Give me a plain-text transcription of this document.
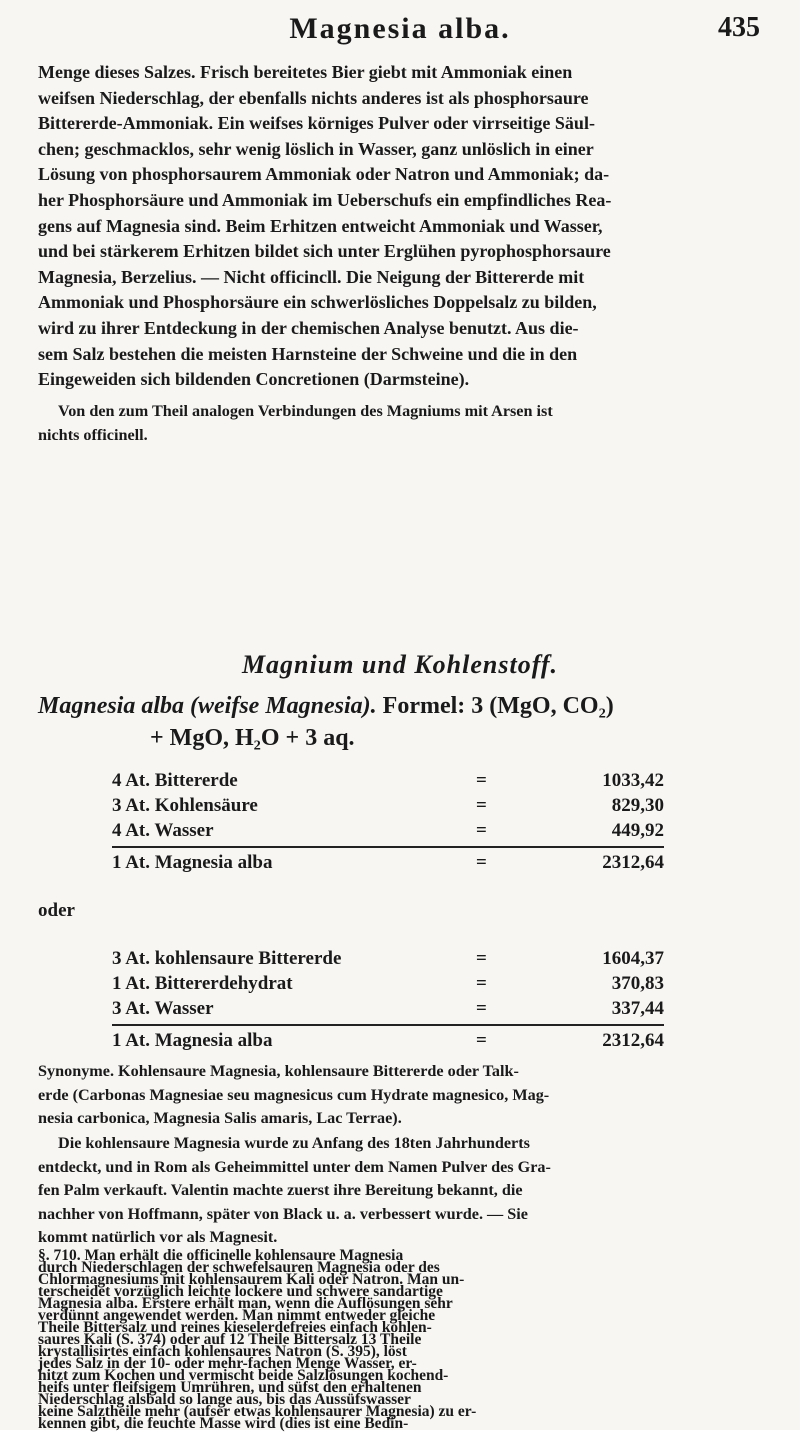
Magnesia alba.	435
Menge dieses Salzes. Frisch bereitetes Bier giebt mit Ammoniak einen
weifsen Niederschlag, der ebenfalls nichts anderes ist als phosphorsaure
Bittererde-Ammoniak. Ein weifses körniges Pulver oder virrseitige Säul-
chen; geschmacklos, sehr wenig löslich in Wasser, ganz unlöslich in einer
Lösung von phosphorsaurem Ammoniak oder Natron und Ammoniak; da-
her Phosphorsäure und Ammoniak im Ueberschufs ein empfindliches Rea-
gens auf Magnesia sind. Beim Erhitzen entweicht Ammoniak und Wasser,
und bei stärkerem Erhitzen bildet sich unter Erglühen pyrophosphorsaure
Magnesia, Berzelius. — Nicht officincll. Die Neigung der Bittererde mit
Ammoniak und Phosphorsäure ein schwerlösliches Doppelsalz zu bilden,
wird zu ihrer Entdeckung in der chemischen Analyse benutzt. Aus die-
sem Salz bestehen die meisten Harnsteine der Schweine und die in den
Eingeweiden sich bildenden Concretionen (Darmsteine).
Von den zum Theil analogen Verbindungen des Magniums mit Arsen ist
nichts officinell.
Magnium und Kohlenstoff.
Magnesia alba (weifse Magnesia). Formel: 3 (MgO, CO₂)
+ MgO, H₂O + 3 aq.
4 At. Bittererde	=	1033,42
3 At. Kohlensäure	=	829,30
4 At. Wasser	=	449,92
1 At. Magnesia alba	=	2312,64
oder
3 At. kohlensaure Bittererde	=	1604,37
1 At. Bittererdehydrat	=	370,83
3 At. Wasser	=	337,44
1 At. Magnesia alba	=	2312,64
Synonyme. Kohlensaure Magnesia, kohlensaure Bittererde oder Talk-
erde (Carbonas Magnesiae seu magnesicus cum Hydrate magnesico, Mag-
nesia carbonica, Magnesia Salis amaris, Lac Terrae).
Die kohlensaure Magnesia wurde zu Anfang des 18ten Jahrhunderts
entdeckt, und in Rom als Geheimmittel unter dem Namen Pulver des Gra-
fen Palm verkauft. Valentin machte zuerst ihre Bereitung bekannt, die
nachher von Hoffmann, später von Black u. a. verbessert wurde. — Sie
kommt natürlich vor als Magnesit.
§. 710. Man erhält die officinelle kohlensaure Magnesia
durch Niederschlagen der schwefelsauren Magnesia oder des
Chlormagnesiums mit kohlensaurem Kali oder Natron. Man un-
terscheidet vorzüglich leichte lockere und schwere sandartige
Magnesia alba. Erstere erhält man, wenn die Auflösungen sehr
verdünnt angewendet werden. Man nimmt entweder gleiche
Theile Bittersalz und reines kieselerdefreies einfach kohlen-
saures Kali (S. 374) oder auf 12 Theile Bittersalz 13 Theile
krystallisirtes einfach kohlensaures Natron (S. 395), löst
jedes Salz in der 10- oder mehr-fachen Menge Wasser, er-
hitzt zum Kochen und vermischt beide Salzlösungen kochend-
heifs unter fleifsigem Umrühren, und süfst den erhaltenen
Niederschlag alsbald so lange aus, bis das Aussüfswasser
keine Salztheile mehr (aufser etwas kohlensaurer Magnesia) zu er-
kennen gibt, die feuchte Masse wird (dies ist eine Bedin-
